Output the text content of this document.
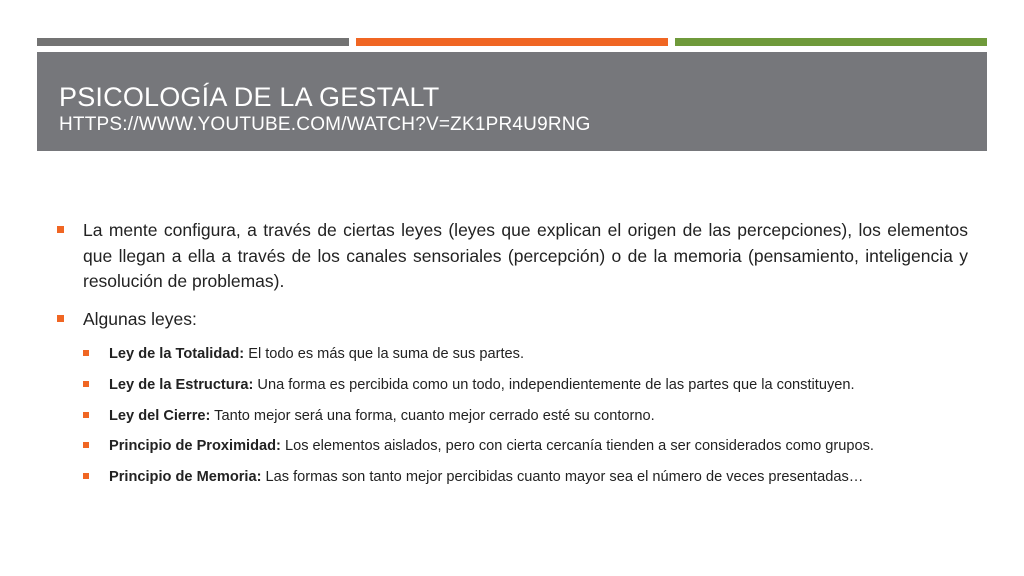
PSICOLOGÍA DE LA GESTALT
HTTPS://WWW.YOUTUBE.COM/WATCH?V=ZK1PR4U9RNG
La mente configura, a través de ciertas leyes (leyes que explican el origen de las percepciones), los elementos que llegan a ella a través de los canales sensoriales (percepción) o de la memoria (pensamiento, inteligencia y resolución de problemas).
Algunas leyes:
Ley de la Totalidad: El todo es más que la suma de sus partes.
Ley de la Estructura: Una forma es percibida como un todo, independientemente de las partes que la constituyen.
Ley del Cierre: Tanto mejor será una forma, cuanto mejor cerrado esté su contorno.
Principio de Proximidad: Los elementos aislados, pero con cierta cercanía tienden a ser considerados como grupos.
Principio de Memoria: Las formas son tanto mejor percibidas cuanto mayor sea el número de veces presentadas…
